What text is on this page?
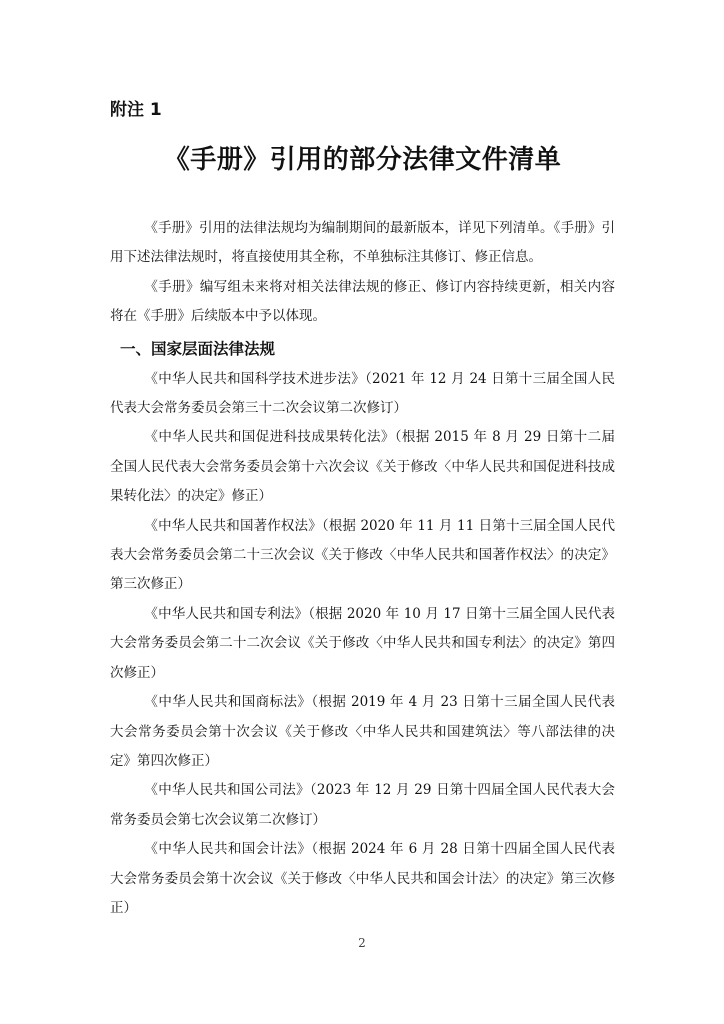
附注 1

《手册》引用的部分法律文件清单

《手册》引用的法律法规均为编制期间的最新版本，详见下列清单。《手册》引用下述法律法规时，将直接使用其全称，不单独标注其修订、修正信息。

《手册》编写组未来将对相关法律法规的修正、修订内容持续更新，相关内容将在《手册》后续版本中予以体现。

一、国家层面法律法规

《中华人民共和国科学技术进步法》（2021 年 12 月 24 日第十三届全国人民代表大会常务委员会第三十二次会议第二次修订）

《中华人民共和国促进科技成果转化法》（根据 2015 年 8 月 29 日第十二届全国人民代表大会常务委员会第十六次会议《关于修改〈中华人民共和国促进科技成果转化法〉的决定》修正）

《中华人民共和国著作权法》（根据 2020 年 11 月 11 日第十三届全国人民代表大会常务委员会第二十三次会议《关于修改〈中华人民共和国著作权法〉的决定》第三次修正）

《中华人民共和国专利法》（根据 2020 年 10 月 17 日第十三届全国人民代表大会常务委员会第二十二次会议《关于修改〈中华人民共和国专利法〉的决定》第四次修正）

《中华人民共和国商标法》（根据 2019 年 4 月 23 日第十三届全国人民代表大会常务委员会第十次会议《关于修改〈中华人民共和国建筑法〉等八部法律的决定》第四次修正）

《中华人民共和国公司法》（2023 年 12 月 29 日第十四届全国人民代表大会常务委员会第七次会议第二次修订）

《中华人民共和国会计法》（根据 2024 年 6 月 28 日第十四届全国人民代表大会常务委员会第十次会议《关于修改〈中华人民共和国会计法〉的决定》第三次修正）

2
